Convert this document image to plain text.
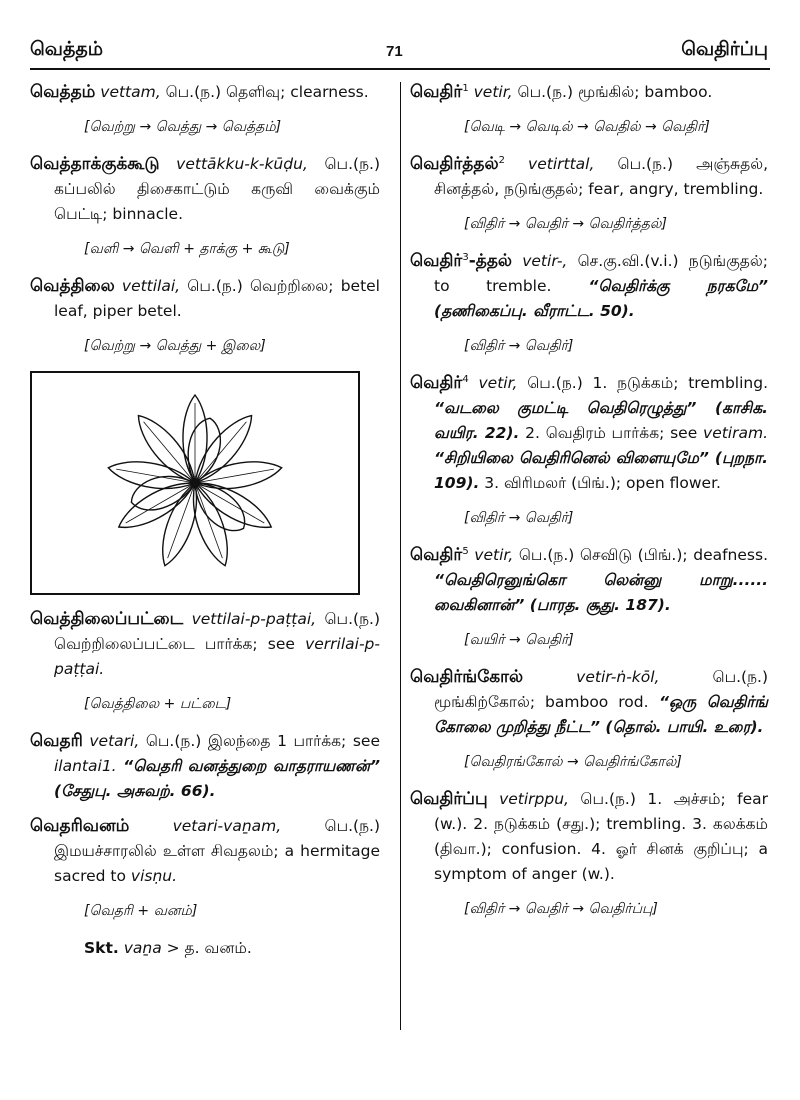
வெத்தம்	71	வெதிர்ப்பு
வெத்தம் vettam, பெ.(ந.) தெளிவு; clearness.
[வெற்று → வெத்து → வெத்தம்]
வெத்தாக்குக்கூடு vettākku-k-kūḍu, பெ.(ந.) கப்பலில் திசைகாட்டும் கருவி வைக்கும் பெட்டி; binnacle.
[வளி → வெளி + தாக்கு + கூடு]
வெத்திலை vettilai, பெ.(ந.) வெற்றிலை; betel leaf, piper betel.
[வெற்று → வெத்து + இலை]
வெத்திலைப்பட்டை vettilai-p-paṭṭai, பெ.(ந.) வெற்றிலைப்பட்டை பார்க்க; see verrilai-p-paṭṭai.
[வெத்திலை + பட்டை]
வெதரி vetari, பெ.(ந.) இலந்தை 1 பார்க்க; see ilantai1. “வெதரி வனத்துறை வாதராயணன்” (சேதுபு. அசுவற். 66).
வெதரிவனம்	vetari-vaṉam, பெ.(ந.) இமயச்சாரலில் உள்ள சிவதலம்; a hermitage sacred to visṇu.
[வெதரி + வனம்]
Skt. vaṉa > த. வனம்.
வெதிர்$^1$ vetir, பெ.(ந.) மூங்கில்; bamboo.
[வெடி → வெடில் → வெதில் → வெதிர்]
வெதிர்த்தல்$^2$ vetirttal, பெ.(ந.) அஞ்சுதல், சினத்தல், நடுங்குதல்; fear, angry, trembling.
[விதிர் → வெதிர் → வெதிர்த்தல்]
வெதிர்$^3$-த்தல் vetir-, செ.கு.வி.(v.i.) நடுங்குதல்; to tremble. “வெதிர்க்கு நரகமே” (தணிகைப்பு. வீராட்ட. 50).
[விதிர் → வெதிர்]
வெதிர்$^4$ vetir, பெ.(ந.) 1. நடுக்கம்; trembling. “வடலை குமட்டி வெதிரெழுத்து” (காசிக. வயிர. 22). 2. வெதிரம் பார்க்க; see vetiram. “சிறியிலை வெதிரினெல் விளையுமே” (புறநா. 109). 3. விரிமலர் (பிங்.); open flower.
[விதிர் → வெதிர்]
வெதிர்$^5$ vetir, பெ.(ந.) செவிடு (பிங்.); deafness. “வெதிரெனுங்கொ லென்னு மாறு...... வைகினான்” (பாரத. சூது. 187).
[வயிர் → வெதிர்]
வெதிர்ங்கோல் vetir-ṅ-kōl, பெ.(ந.) மூங்கிற்கோல்; bamboo rod. “ஒரு வெதிர்ங் கோலை முறித்து நீட்ட” (தொல். பாயி. உரை).
[வெதிரங்கோல் → வெதிர்ங்கோல்]
வெதிர்ப்பு vetirppu, பெ.(ந.) 1. அச்சம்; fear (w.). 2. நடுக்கம் (சது.); trembling. 3. கலக்கம் (திவா.); confusion. 4. ஓர் சினக் குறிப்பு; a symptom of anger (w.).
[விதிர் → வெதிர் → வெதிர்ப்பு]
